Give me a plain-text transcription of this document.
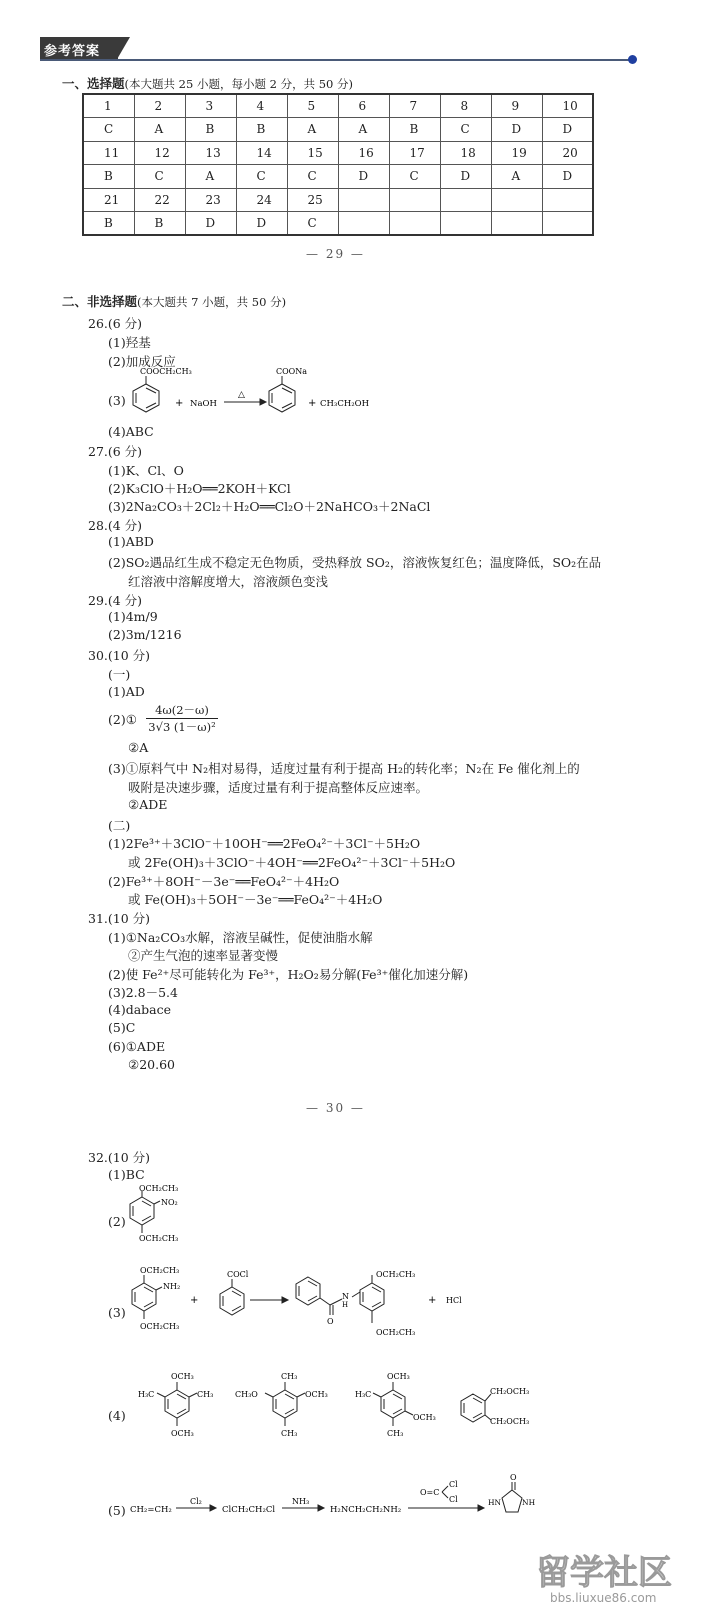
参考答案
一、选择题(本大题共 25 小题，每小题 2 分，共 50 分)
1	2	3	4	5	6	7	8	9	10
C	A	B	B	A	A	B	C	D	D
11	12	13	14	15	16	17	18	19	20
B	C	A	C	C	D	C	D	A	D
21	22	23	24	25					
B	B	D	D	C					
— 29 —
二、非选择题(本大题共 7 小题，共 50 分)
26.(6 分)
(1)羟基
(2)加成反应
(3)
COOCH₂CH₃
+ NaOH
△
COONa
+ CH₃CH₂OH
(4)ABC
27.(6 分)
(1)K、Cl、O
(2)K₃ClO＋H₂O══2KOH＋KCl
(3)2Na₂CO₃＋2Cl₂＋H₂O══Cl₂O＋2NaHCO₃＋2NaCl
28.(4 分)
(1)ABD
(2)SO₂遇品红生成不稳定无色物质，受热释放 SO₂，溶液恢复红色；温度降低，SO₂在品
红溶液中溶解度增大，溶液颜色变浅
29.(4 分)
(1)4m/9
(2)3m/1216
30.(10 分)
(一)
(1)AD
(2)① $\frac{4\omega(2-\omega)}{\text{3√3 (1－ω)²}}$
②A
(3)①原料气中 N₂相对易得，适度过量有利于提高 H₂的转化率；N₂在 Fe 催化剂上的
吸附是决速步骤，适度过量有利于提高整体反应速率。
②ADE
(二)
(1)2Fe³⁺＋3ClO⁻＋10OH⁻══2FeO₄²⁻＋3Cl⁻＋5H₂O
或 2Fe(OH)₃＋3ClO⁻＋4OH⁻══2FeO₄²⁻＋3Cl⁻＋5H₂O
(2)Fe³⁺＋8OH⁻－3e⁻══FeO₄²⁻＋4H₂O
或 Fe(OH)₃＋5OH⁻－3e⁻══FeO₄²⁻＋4H₂O
31.(10 分)
(1)①Na₂CO₃水解，溶液呈碱性，促使油脂水解
②产生气泡的速率显著变慢
(2)使 Fe²⁺尽可能转化为 Fe³⁺，H₂O₂易分解(Fe³⁺催化加速分解)
(3)2.8－5.4
(4)dabace
(5)C
(6)①ADE
②20.60
— 30 —
32.(10 分)
(1)BC
(2)
OCH₂CH₃
NO₂
OCH₂CH₃
(3)
OCH₂CH₃
NH₂
OCH₂CH₃
+
COCl
N
H
O
OCH₂CH₃
OCH₂CH₃
+ HCl
(4)
OCH₃
H₃C	CH₃
OCH₃
CH₃
CH₃O	OCH₃
CH₃
OCH₃
H₃C
OCH₃
CH₃
CH₂OCH₃
CH₂OCH₃
(5) CH₂=CH₂
Cl₂
ClCH₂CH₂Cl
NH₃
H₂NCH₂CH₂NH₂
O=C
Cl
Cl
O
HN	NH
留学社区
bbs.liuxue86.com
